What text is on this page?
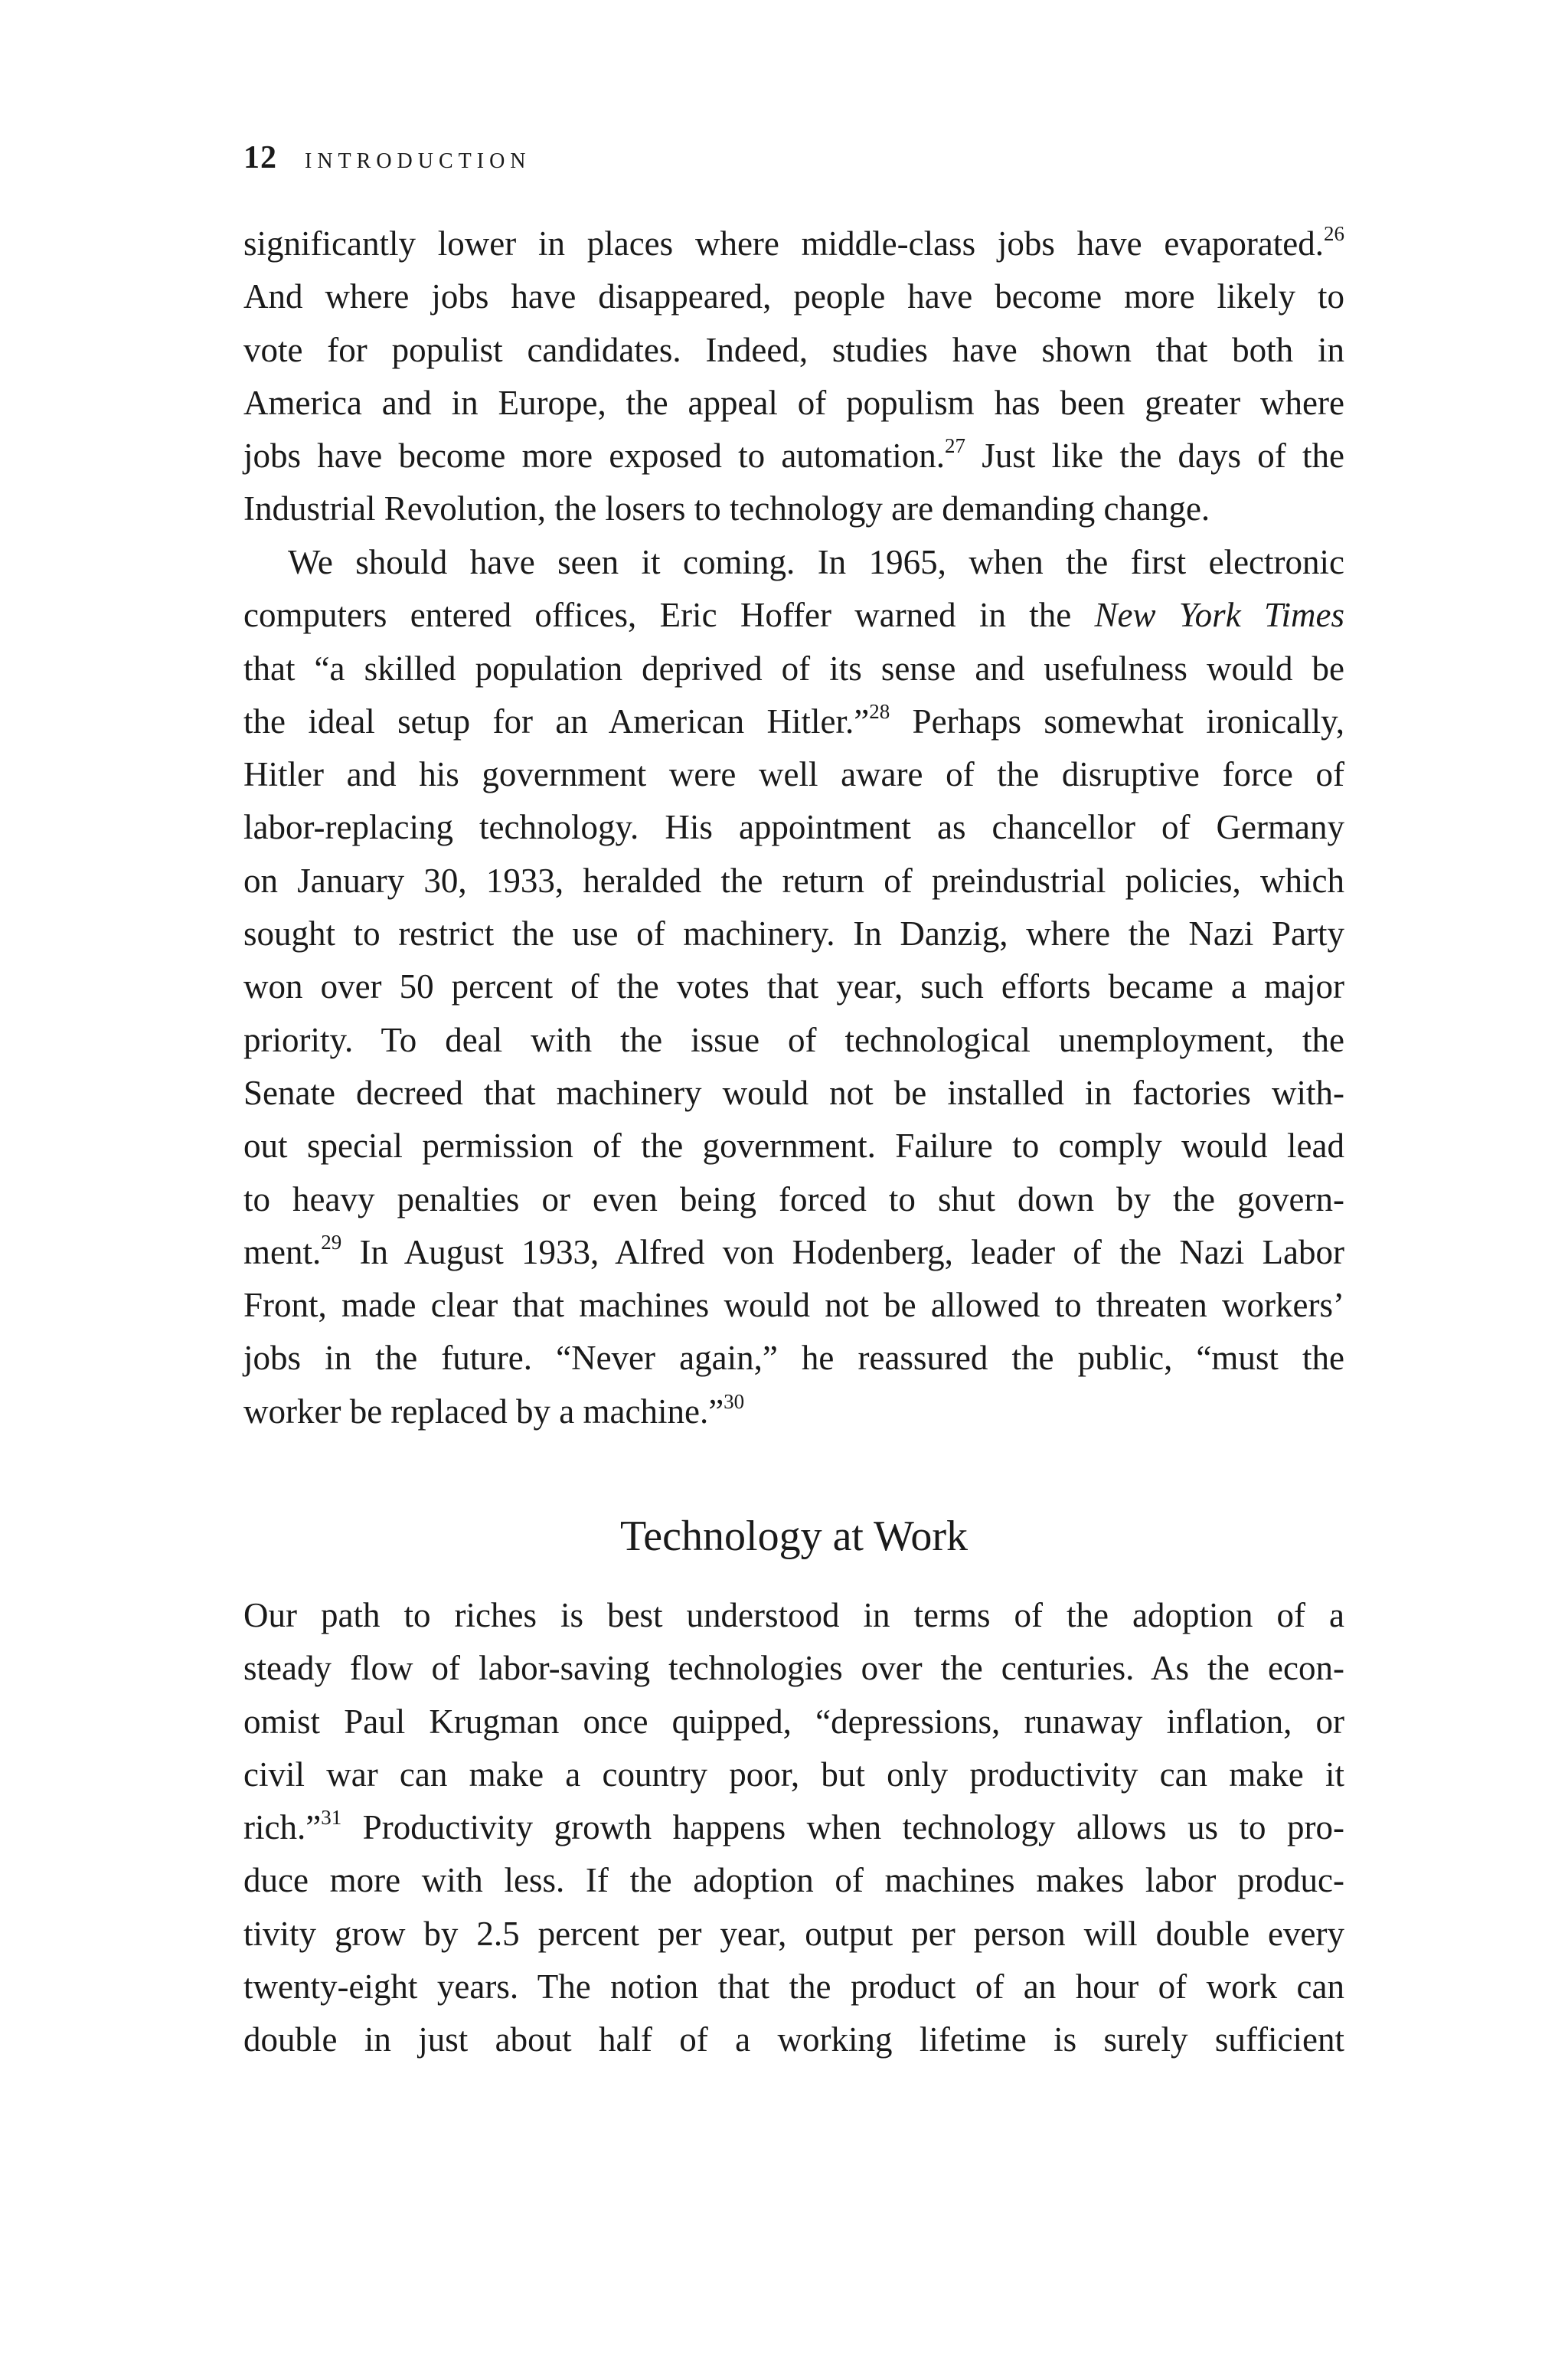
12 INTRODUCTION
significantly lower in places where middle-class jobs have evaporated.$^{26}$
And where jobs have disappeared, people have become more likely to
vote for populist candidates. Indeed, studies have shown that both in
America and in Europe, the appeal of populism has been greater where
jobs have become more exposed to automation.$^{27}$ Just like the days of the
Industrial Revolution, the losers to technology are demanding change.
We should have seen it coming. In 1965, when the first electronic
computers entered offices, Eric Hoffer warned in the New York Times
that “a skilled population deprived of its sense and usefulness would be
the ideal setup for an American Hitler.”$^{28}$ Perhaps somewhat ironically,
Hitler and his government were well aware of the disruptive force of
labor-replacing technology. His appointment as chancellor of Germany
on January 30, 1933, heralded the return of preindustrial policies, which
sought to restrict the use of machinery. In Danzig, where the Nazi Party
won over 50 percent of the votes that year, such efforts became a major
priority. To deal with the issue of technological unemployment, the
Senate decreed that machinery would not be installed in factories with-
out special permission of the government. Failure to comply would lead
to heavy penalties or even being forced to shut down by the govern-
ment.$^{29}$ In August 1933, Alfred von Hodenberg, leader of the Nazi Labor
Front, made clear that machines would not be allowed to threaten workers’
jobs in the future. “Never again,” he reassured the public, “must the
worker be replaced by a machine.”$^{30}$
Technology at Work
Our path to riches is best understood in terms of the adoption of a
steady flow of labor-saving technologies over the centuries. As the econ-
omist Paul Krugman once quipped, “depressions, runaway inflation, or
civil war can make a country poor, but only productivity can make it
rich.”$^{31}$ Productivity growth happens when technology allows us to pro-
duce more with less. If the adoption of machines makes labor produc-
tivity grow by 2.5 percent per year, output per person will double every
twenty-eight years. The notion that the product of an hour of work can
double in just about half of a working lifetime is surely sufficient
